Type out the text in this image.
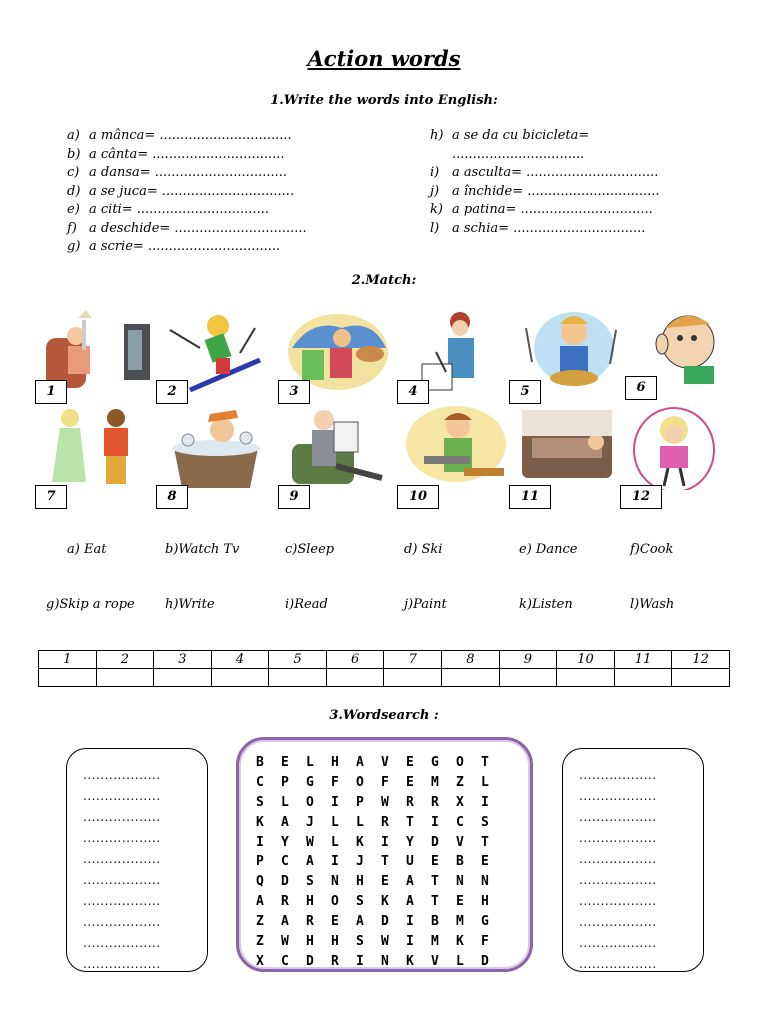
Action words
1.Write the words into English:
a) a mânca= ................................
b) a cânta= ................................
c) a dansa= ................................
d) a se juca= ................................
e) a citi= ................................
f) a deschide= ................................
g) a scrie= ................................
h) a se da cu bicicleta=
................................
i) a asculta= ................................
j) a închide= ................................
k) a patina= ................................
l) a schia= ................................
2.Match:
1	2	3	4	5	6
7	8	9	10	11	12
a) Eat	b)Watch Tv	c)Sleep	d) Ski	e) Dance	f)Cook
g)Skip a rope h)Write	i)Read	j)Paint	k)Listen	l)Wash
1	2	3	4	5	6	7	8	9	10	11	12

3.Wordsearch :
..................
..................
..................
..................
..................
..................
..................
..................
..................
..................
..................
..................
..................
..................
..................
..................
..................
..................
..................
..................
B	E	L	H	A	V	E	G	O	T
C	P	G	F	O	F	E	M	Z	L
S	L	O	I	P	W	R	R	X	I
K	A	J	L	L	R	T	I	C	S
I	Y	W	L	K	I	Y	D	V	T
P	C	A	I	J	T	U	E	B	E
Q	D	S	N	H	E	A	T	N	N
A	R	H	O	S	K	A	T	E	H
Z	A	R	E	A	D	I	B	M	G
Z	W	H	H	S	W	I	M	K	F
X	C	D	R	I	N	K	V	L	D
